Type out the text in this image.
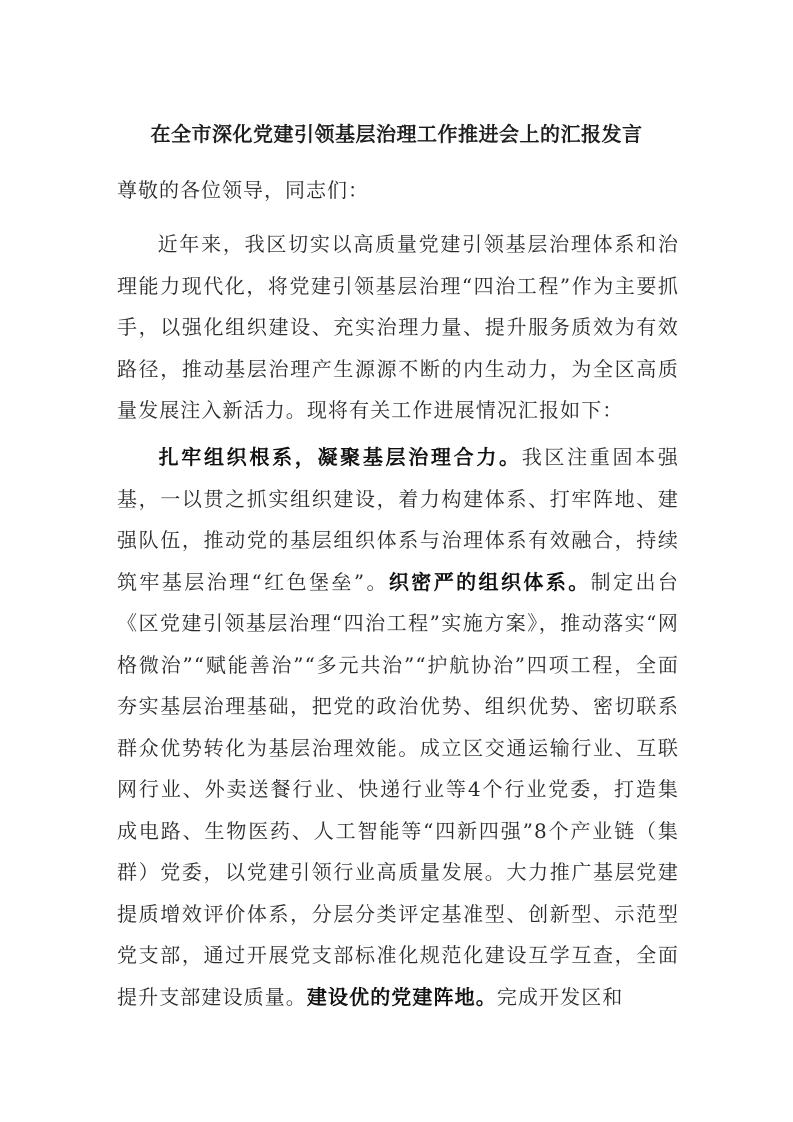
在全市深化党建引领基层治理工作推进会上的汇报发言
尊敬的各位领导，同志们：

近年来，我区切实以高质量党建引领基层治理体系和治理能力现代化，将党建引领基层治理“四治工程”作为主要抓手，以强化组织建设、充实治理力量、提升服务质效为有效路径，推动基层治理产生源源不断的内生动力，为全区高质量发展注入新活力。现将有关工作进展情况汇报如下：

扎牢组织根系，凝聚基层治理合力。我区注重固本强基，一以贯之抓实组织建设，着力构建体系、打牢阵地、建强队伍，推动党的基层组织体系与治理体系有效融合，持续筑牢基层治理“红色堡垒”。织密严的组织体系。制定出台《区党建引领基层治理“四治工程”实施方案》，推动落实“网格微治”“赋能善治”“多元共治”“护航协治”四项工程，全面夯实基层治理基础，把党的政治优势、组织优势、密切联系群众优势转化为基层治理效能。成立区交通运输行业、互联网行业、外卖送餐行业、快递行业等4个行业党委，打造集成电路、生物医药、人工智能等“四新四强”8个产业链（集群）党委，以党建引领行业高质量发展。大力推广基层党建提质增效评价体系，分层分类评定基准型、创新型、示范型党支部，通过开展党支部标准化规范化建设互学互查，全面提升支部建设质量。建设优的党建阵地。完成开发区和
